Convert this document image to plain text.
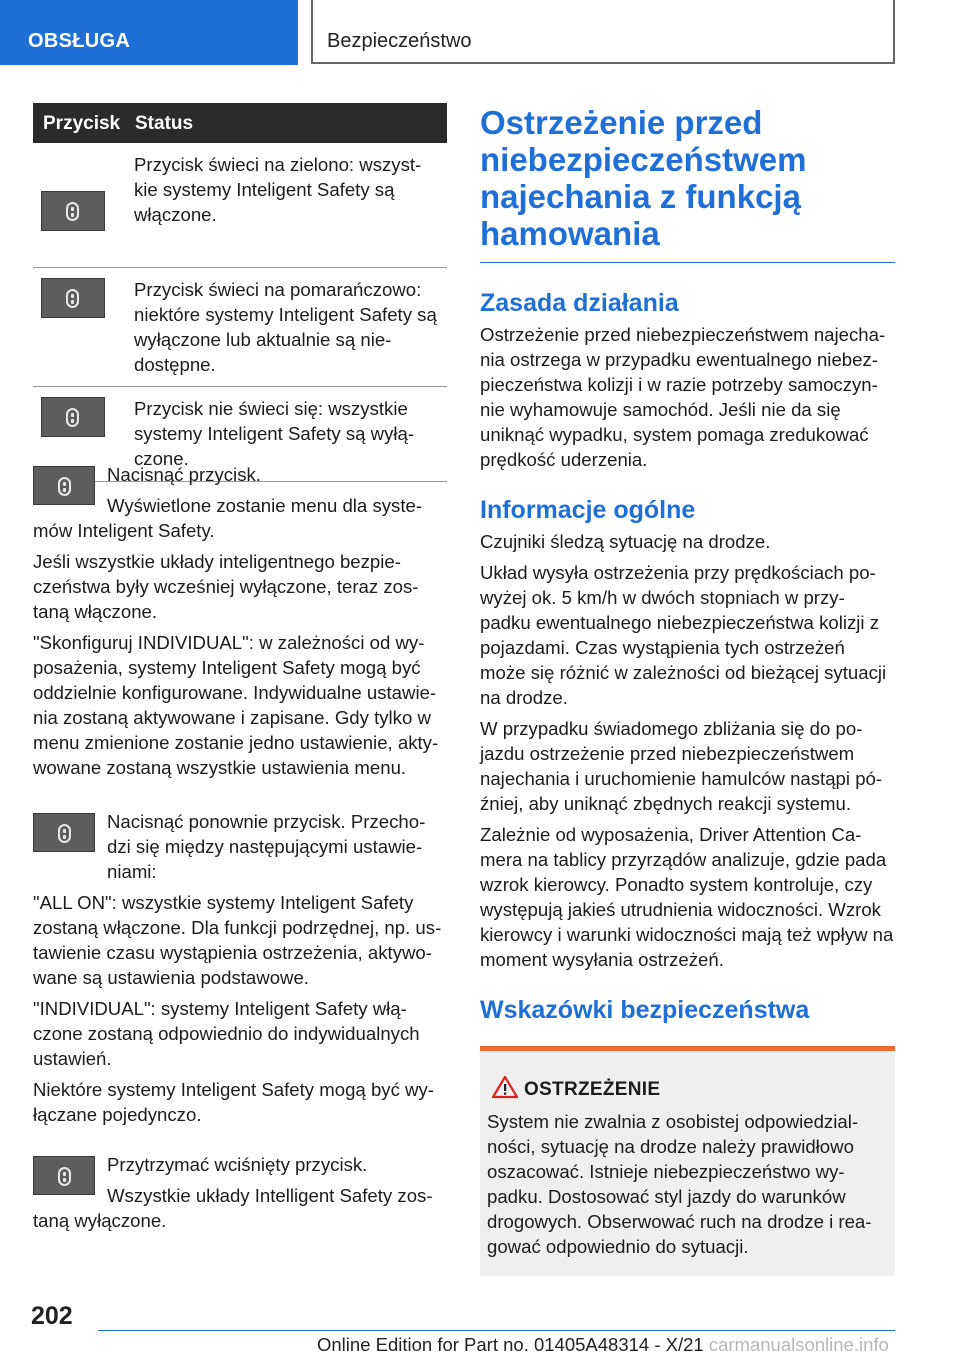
OBSŁUGA	Bezpieczeństwo
Przycisk Status
Przycisk świeci na zielono: wszyst-kie systemy Inteligent Safety są włączone.
Przycisk świeci na pomarańczowo: niektóre systemy Inteligent Safety są wyłączone lub aktualnie są nie-dostępne.
Przycisk nie świeci się: wszystkie systemy Inteligent Safety są wyłą-czone.

Nacisnąć przycisk.

Wyświetlone zostanie menu dla syste-mów Inteligent Safety.

Jeśli wszystkie układy inteligentnego bezpie-czeństwa były wcześniej wyłączone, teraz zos-taną włączone.

"Skonfiguruj INDIVIDUAL": w zależności od wy-posażenia, systemy Inteligent Safety mogą być oddzielnie konfigurowane. Indywidualne ustawie-nia zostaną aktywowane i zapisane. Gdy tylko w menu zmienione zostanie jedno ustawienie, akty-wowane zostaną wszystkie ustawienia menu.

Nacisnąć ponownie przycisk. Przecho-dzi się między następującymi ustawie-niami:

"ALL ON": wszystkie systemy Inteligent Safety zostaną włączone. Dla funkcji podrzędnej, np. us-tawienie czasu wystąpienia ostrzeżenia, aktywo-wane są ustawienia podstawowe.

"INDIVIDUAL": systemy Inteligent Safety włą-czone zostaną odpowiednio do indywidualnych ustawień.

Niektóre systemy Inteligent Safety mogą być wy-łączane pojedynczo.

Przytrzymać wciśnięty przycisk.

Wszystkie układy Intelligent Safety zos-taną wyłączone.

Ostrzeżenie przed niebezpieczeństwem najechania z funkcją hamowania
Zasada działania
Ostrzeżenie przed niebezpieczeństwem najecha-nia ostrzega w przypadku ewentualnego niebez-pieczeństwa kolizji i w razie potrzeby samoczyn-nie wyhamowuje samochód. Jeśli nie da się uniknąć wypadku, system pomaga zredukować prędkość uderzenia.
Informacje ogólne
Czujniki śledzą sytuację na drodze.
Układ wysyła ostrzeżenia przy prędkościach po-wyżej ok. 5 km/h w dwóch stopniach w przy-padku ewentualnego niebezpieczeństwa kolizji z pojazdami. Czas wystąpienia tych ostrzeżeń może się różnić w zależności od bieżącej sytuacji na drodze.
W przypadku świadomego zbliżania się do po-jazdu ostrzeżenie przed niebezpieczeństwem najechania i uruchomienie hamulców nastąpi pó-źniej, aby uniknąć zbędnych reakcji systemu.
Zależnie od wyposażenia, Driver Attention Ca-mera na tablicy przyrządów analizuje, gdzie pada wzrok kierowcy. Ponadto system kontroluje, czy występują jakieś utrudnienia widoczności. Wzrok kierowcy i warunki widoczności mają też wpływ na moment wysyłania ostrzeżeń.
Wskazówki bezpieczeństwa
OSTRZEŻENIE
System nie zwalnia z osobistej odpowiedzial-ności, sytuację na drodze należy prawidłowo oszacować. Istnieje niebezpieczeństwo wy-padku. Dostosować styl jazdy do warunków drogowych. Obserwować ruch na drodze i rea-gować odpowiednio do sytuacji.
202
Online Edition for Part no. 01405A48314 - X/21 carmanualsonline.info
